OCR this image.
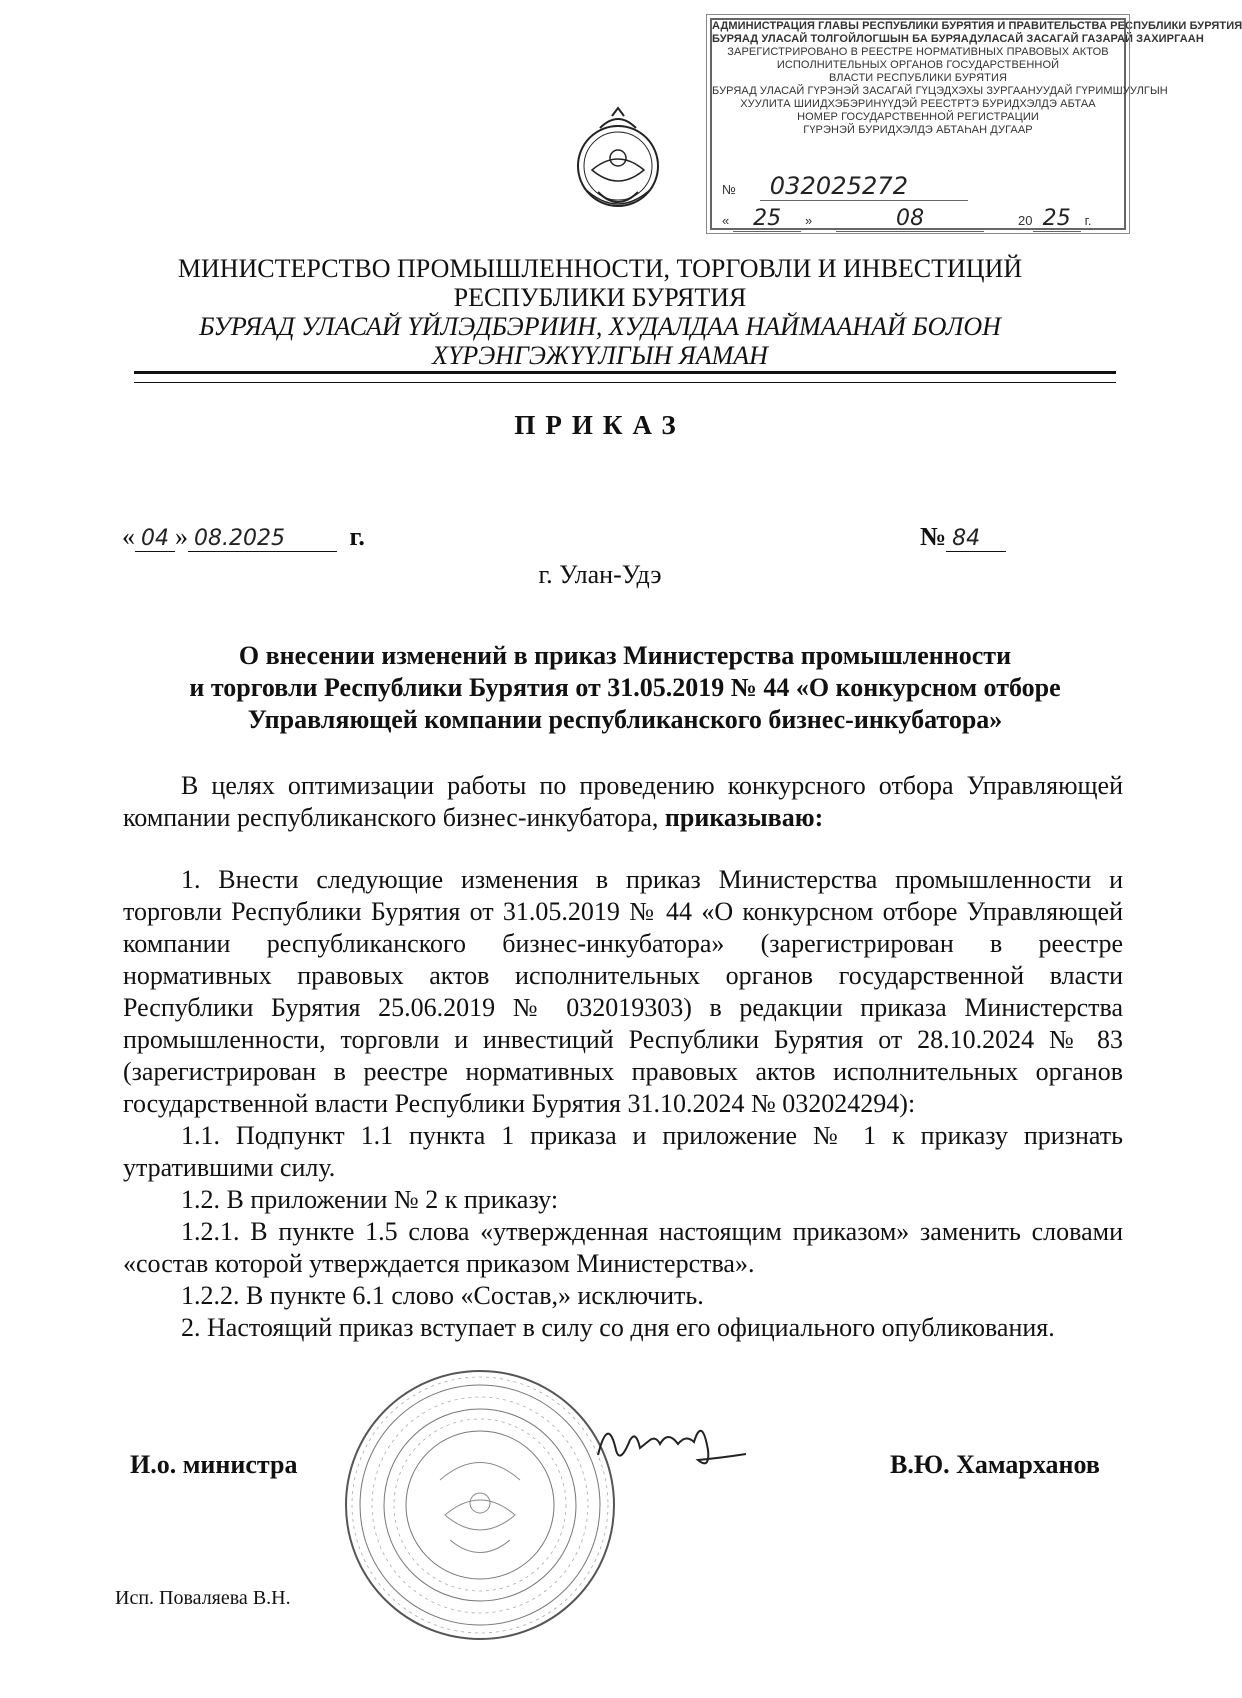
АДМИНИСТРАЦИЯ ГЛАВЫ РЕСПУБЛИКИ БУРЯТИЯ И ПРАВИТЕЛЬСТВА РЕСПУБЛИКИ БУРЯТИЯ
БУРЯАД УЛАСАЙ ТОЛГОЙЛОГШЫН БА БУРЯАДУЛАСАЙ ЗАСАГАЙ ГАЗАРАЙ ЗАХИРГААН
ЗАРЕГИСТРИРОВАНО В РЕЕСТРЕ НОРМАТИВНЫХ ПРАВОВЫХ АКТОВ
ИСПОЛНИТЕЛЬНЫХ ОРГАНОВ ГОСУДАРСТВЕННОЙ
ВЛАСТИ РЕСПУБЛИКИ БУРЯТИЯ
БУРЯАД УЛАСАЙ ГҮРЭНЭЙ ЗАСАГАЙ ГҮЦЭДХЭХЫ ЗУРГААНУУДАЙ ГҮРИМШУУЛГЫН
ХУУЛИТА ШИИДХЭБЭРИНҮҮДЭЙ РЕЕСТРТЭ БУРИДХЭЛДЭ АБТАА
НОМЕР ГОСУДАРСТВЕННОЙ РЕГИСТРАЦИИ
ГҮРЭНЭЙ БУРИДХЭЛДЭ АБТАҺАН ДУГААР
№ 032025272
« 25 »	08	20 25 г.
МИНИСТЕРСТВО ПРОМЫШЛЕННОСТИ, ТОРГОВЛИ И ИНВЕСТИЦИЙ
РЕСПУБЛИКИ БУРЯТИЯ
БУРЯАД УЛАСАЙ ҮЙЛЭДБЭРИИН, ХУДАЛДАА НАЙМААНАЙ БОЛОН
ХҮРЭНГЭЖҮҮЛГЫН ЯАМАН
ПРИКАЗ
« 04 » 08.2025 г.	№ 84
г. Улан-Удэ
О внесении изменений в приказ Министерства промышленности
и торговли Республики Бурятия от 31.05.2019 № 44 «О конкурсном отборе
Управляющей компании республиканского бизнес-инкубатора»

В целях оптимизации работы по проведению конкурсного отбора Управляющей компании республиканского бизнес-инкубатора, приказываю:

1. Внести следующие изменения в приказ Министерства промышленности и торговли Республики Бурятия от 31.05.2019 № 44 «О конкурсном отборе Управляющей компании республиканского бизнес-инкубатора» (зарегистрирован в реестре нормативных правовых актов исполнительных органов государственной власти Республики Бурятия 25.06.2019 № 032019303) в редакции приказа Министерства промышленности, торговли и инвестиций Республики Бурятия от 28.10.2024 № 83 (зарегистрирован в реестре нормативных правовых актов исполнительных органов государственной власти Республики Бурятия 31.10.2024 № 032024294):

1.1. Подпункт 1.1 пункта 1 приказа и приложение № 1 к приказу признать утратившими силу.

1.2. В приложении № 2 к приказу:

1.2.1. В пункте 1.5 слова «утвержденная настоящим приказом» заменить словами «состав которой утверждается приказом Министерства».

1.2.2. В пункте 6.1 слово «Состав,» исключить.

2. Настоящий приказ вступает в силу со дня его официального опубликования.

И.о. министра	В.Ю. Хамарханов
Исп. Поваляева В.Н.
